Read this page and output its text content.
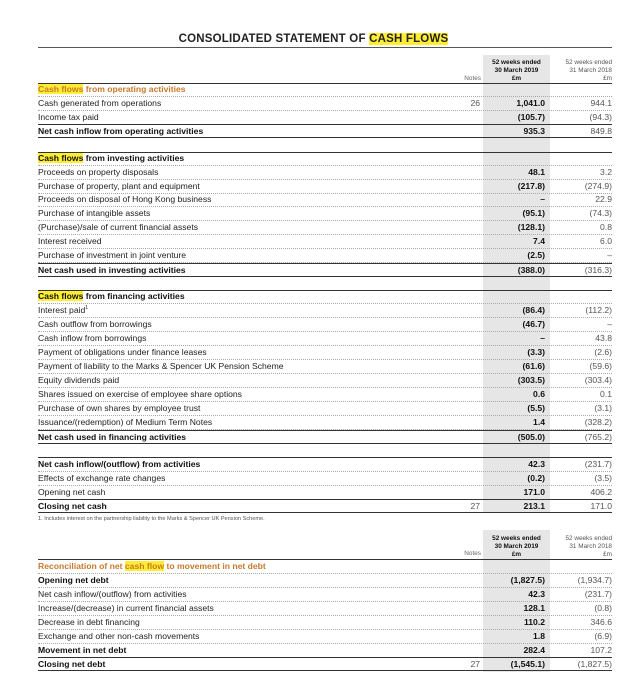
CONSOLIDATED STATEMENT OF CASH FLOWS
52 weeks ended
30 March 2019
£m
52 weeks ended
31 March 2018
£m
Notes
Cash flows from operating activities
Cash generated from operations	26	1,041.0	944.1
Income tax paid	(105.7)	(94.3)
Net cash inflow from operating activities	935.3	849.8
Cash flows from investing activities
Proceeds on property disposals	48.1	3.2
Purchase of property, plant and equipment	(217.8)	(274.9)
Proceeds on disposal of Hong Kong business	–	22.9
Purchase of intangible assets	(95.1)	(74.3)
(Purchase)/sale of current financial assets	(128.1)	0.8
Interest received	7.4	6.0
Purchase of investment in joint venture	(2.5)	–
Net cash used in investing activities	(388.0)	(316.3)
Cash flows from financing activities
Interest paid$^1$	(86.4)	(112.2)
Cash outflow from borrowings	(46.7)	–
Cash inflow from borrowings	–	43.8
Payment of obligations under finance leases	(3.3)	(2.6)
Payment of liability to the Marks & Spencer UK Pension Scheme	(61.6)	(59.6)
Equity dividends paid	(303.5)	(303.4)
Shares issued on exercise of employee share options	0.6	0.1
Purchase of own shares by employee trust	(5.5)	(3.1)
Issuance/(redemption) of Medium Term Notes	1.4	(328.2)
Net cash used in financing activities	(505.0)	(765.2)
Net cash inflow/(outflow) from activities	42.3	(231.7)
Effects of exchange rate changes	(0.2)	(3.5)
Opening net cash	171.0	406.2
Closing net cash	27	213.1	171.0
1. Includes interest on the partnership liability to the Marks & Spencer UK Pension Scheme.
52 weeks ended
30 March 2019
£m
52 weeks ended
31 March 2018
£m
Notes
Reconciliation of net cash flow to movement in net debt
Opening net debt	(1,827.5)	(1,934.7)
Net cash inflow/(outflow) from activities	42.3	(231.7)
Increase/(decrease) in current financial assets	128.1	(0.8)
Decrease in debt financing	110.2	346.6
Exchange and other non-cash movements	1.8	(6.9)
Movement in net debt	282.4	107.2
Closing net debt	27	(1,545.1)	(1,827.5)
